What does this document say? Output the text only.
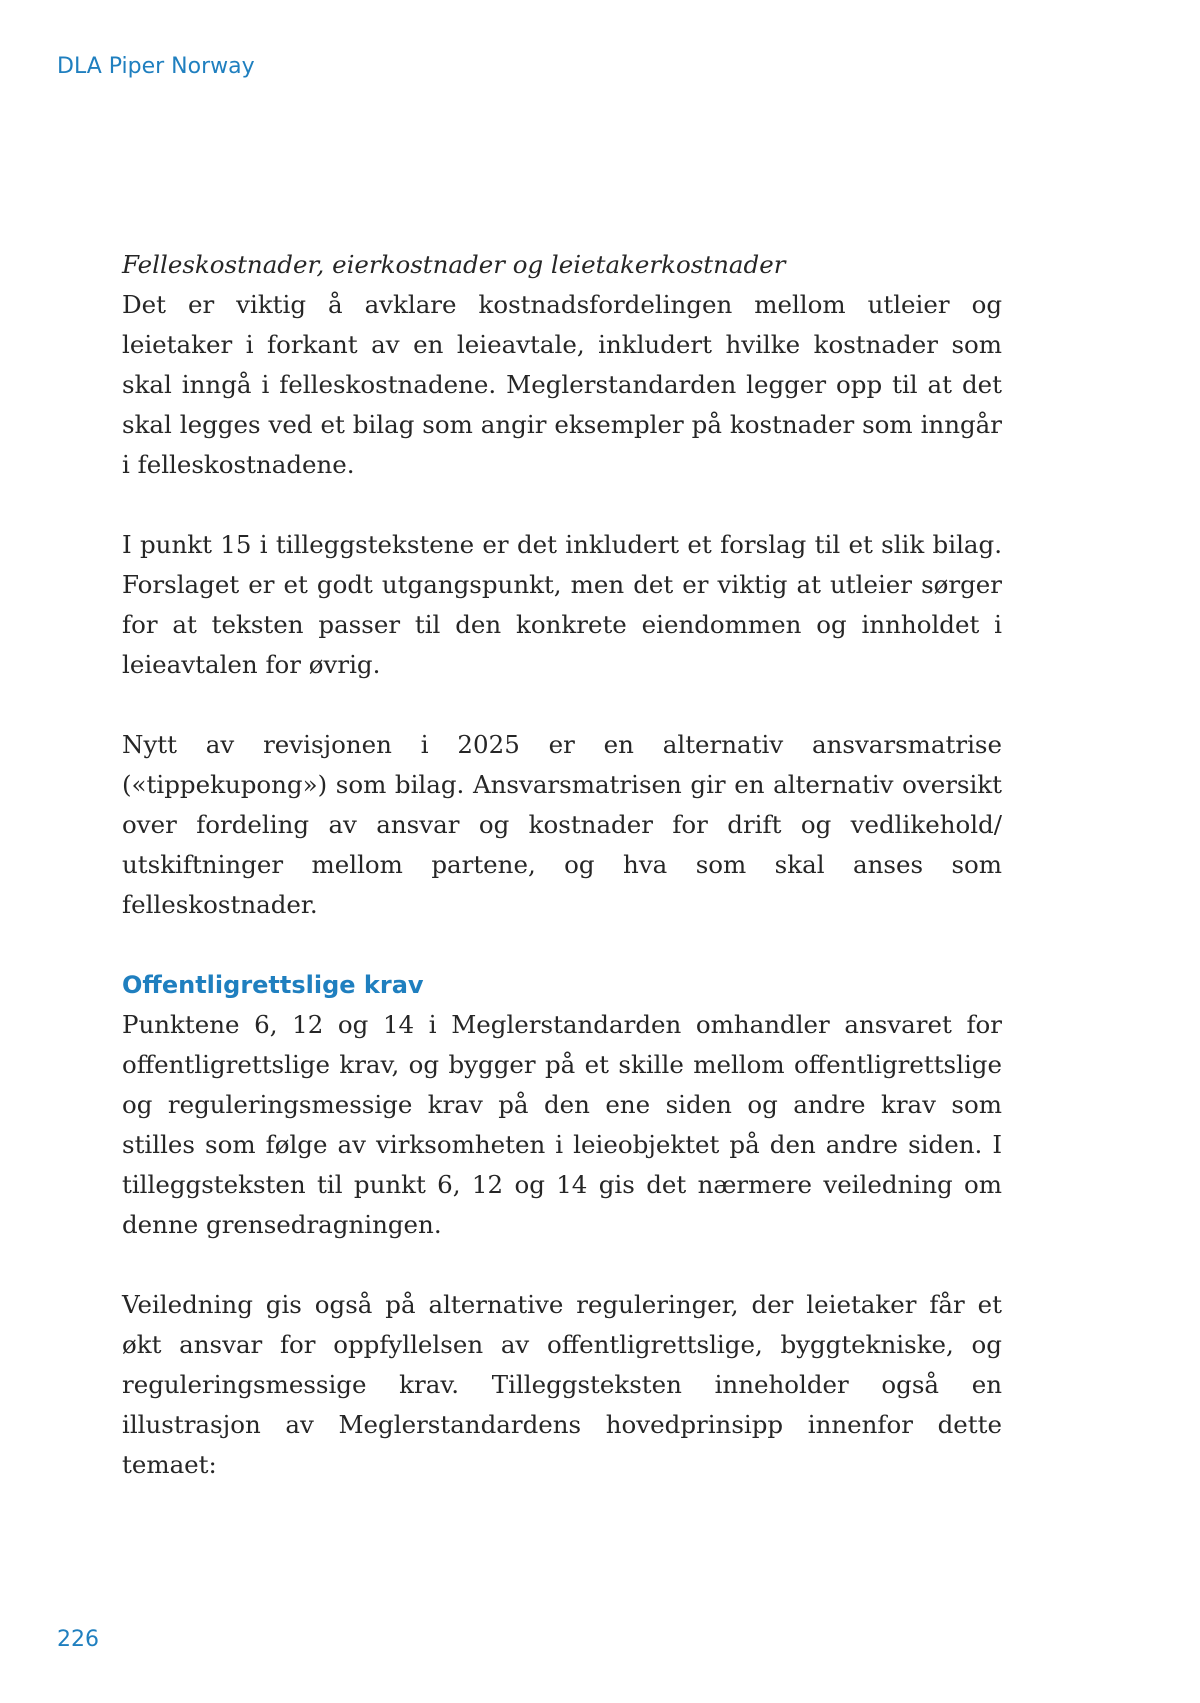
DLA Piper Norway

Felleskostnader, eierkostnader og leietakerkostnader

Det er viktig å avklare kostnadsfordelingen mellom utleier og leietaker i forkant av en leieavtale, inkludert hvilke kostnader som skal inngå i felleskostnadene. Meglerstandarden legger opp til at det skal legges ved et bilag som angir eksempler på kostnader som inngår i felleskostnadene.

I punkt 15 i tilleggstekstene er det inkludert et forslag til et slik bilag. Forslaget er et godt utgangspunkt, men det er viktig at utleier sørger for at teksten passer til den konkrete eiendommen og innholdet i leieavtalen for øvrig.

Nytt av revisjonen i 2025 er en alternativ ansvarsmatrise («tippekupong») som bilag. Ansvarsmatrisen gir en alternativ oversikt over fordeling av ansvar og kostnader for drift og vedlikehold/ utskiftninger mellom partene, og hva som skal anses som felleskostnader.

Offentligrettslige krav

Punktene 6, 12 og 14 i Meglerstandarden omhandler ansvaret for offentligrettslige krav, og bygger på et skille mellom offentligrettslige og reguleringsmessige krav på den ene siden og andre krav som stilles som følge av virksomheten i leieobjektet på den andre siden. I tilleggsteksten til punkt 6, 12 og 14 gis det nærmere veiledning om denne grensedragningen.

Veiledning gis også på alternative reguleringer, der leietaker får et økt ansvar for oppfyllelsen av offentligrettslige, byggtekniske, og reguleringsmessige krav. Tilleggsteksten inneholder også en illustrasjon av Meglerstandardens hovedprinsipp innenfor dette temaet:

226
